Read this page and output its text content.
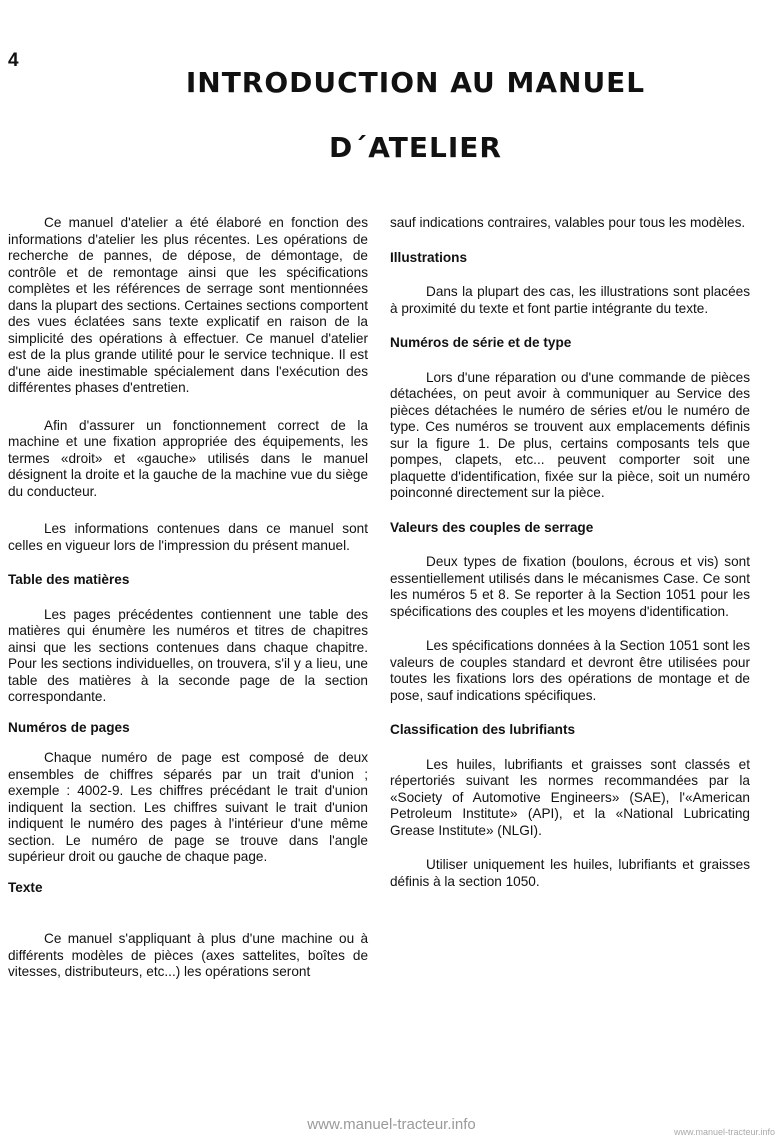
4
INTRODUCTION AU MANUEL
D´ATELIER

Ce manuel d'atelier a été élaboré en fonction des informations d'atelier les plus récentes. Les opérations de recherche de pannes, de dépose, de démontage, de contrôle et de remontage ainsi que les spécifications complètes et les références de serrage sont mentionnées dans la plupart des sections. Certaines sections comportent des vues éclatées sans texte explicatif en raison de la simplicité des opérations à effectuer. Ce manuel d'atelier est de la plus grande utilité pour le service technique. Il est d'une aide inestimable spécialement dans l'exécution des différentes phases d'entretien.

Afin d'assurer un fonctionnement correct de la machine et une fixation appropriée des équipements, les termes «droit» et «gauche» utilisés dans le manuel désignent la droite et la gauche de la machine vue du siège du conducteur.

Les informations contenues dans ce manuel sont celles en vigueur lors de l'impression du présent manuel.

Table des matières

Les pages précédentes contiennent une table des matières qui énumère les numéros et titres de chapitres ainsi que les sections contenues dans chaque chapitre. Pour les sections individuelles, on trouvera, s'il y a lieu, une table des matières à la seconde page de la section correspondante.

Numéros de pages

Chaque numéro de page est composé de deux ensembles de chiffres séparés par un trait d'union ; exemple : 4002-9. Les chiffres précédant le trait d'union indiquent la section. Les chiffres suivant le trait d'union indiquent le numéro des pages à l'intérieur d'une même section. Le numéro de page se trouve dans l'angle supérieur droit ou gauche de chaque page.

Texte

Ce manuel s'appliquant à plus d'une machine ou à différents modèles de pièces (axes sattelites, boîtes de vitesses, distributeurs, etc...) les opérations seront

sauf indications contraires, valables pour tous les modèles.

Illustrations

Dans la plupart des cas, les illustrations sont placées à proximité du texte et font partie intégrante du texte.

Numéros de série et de type

Lors d'une réparation ou d'une commande de pièces détachées, on peut avoir à communiquer au Service des pièces détachées le numéro de séries et/ou le numéro de type. Ces numéros se trouvent aux emplacements définis sur la figure 1. De plus, certains composants tels que pompes, clapets, etc... peuvent comporter soit une plaquette d'identification, fixée sur la pièce, soit un numéro poinconné directement sur la pièce.

Valeurs des couples de serrage

Deux types de fixation (boulons, écrous et vis) sont essentiellement utilisés dans le mécanismes Case. Ce sont les numéros 5 et 8. Se reporter à la Section 1051 pour les spécifications des couples et les moyens d'identification.

Les spécifications données à la Section 1051 sont les valeurs de couples standard et devront être utilisées pour toutes les fixations lors des opérations de montage et de pose, sauf indications spécifiques.

Classification des lubrifiants

Les huiles, lubrifiants et graisses sont classés et répertoriés suivant les normes recommandées par la «Society of Automotive Engineers» (SAE), l'«American Petroleum Institute» (API), et la «National Lubricating Grease Institute» (NLGI).

Utiliser uniquement les huiles, lubrifiants et graisses définis à la section 1050.

www.manuel-tracteur.info	www.manuel-tracteur.info
